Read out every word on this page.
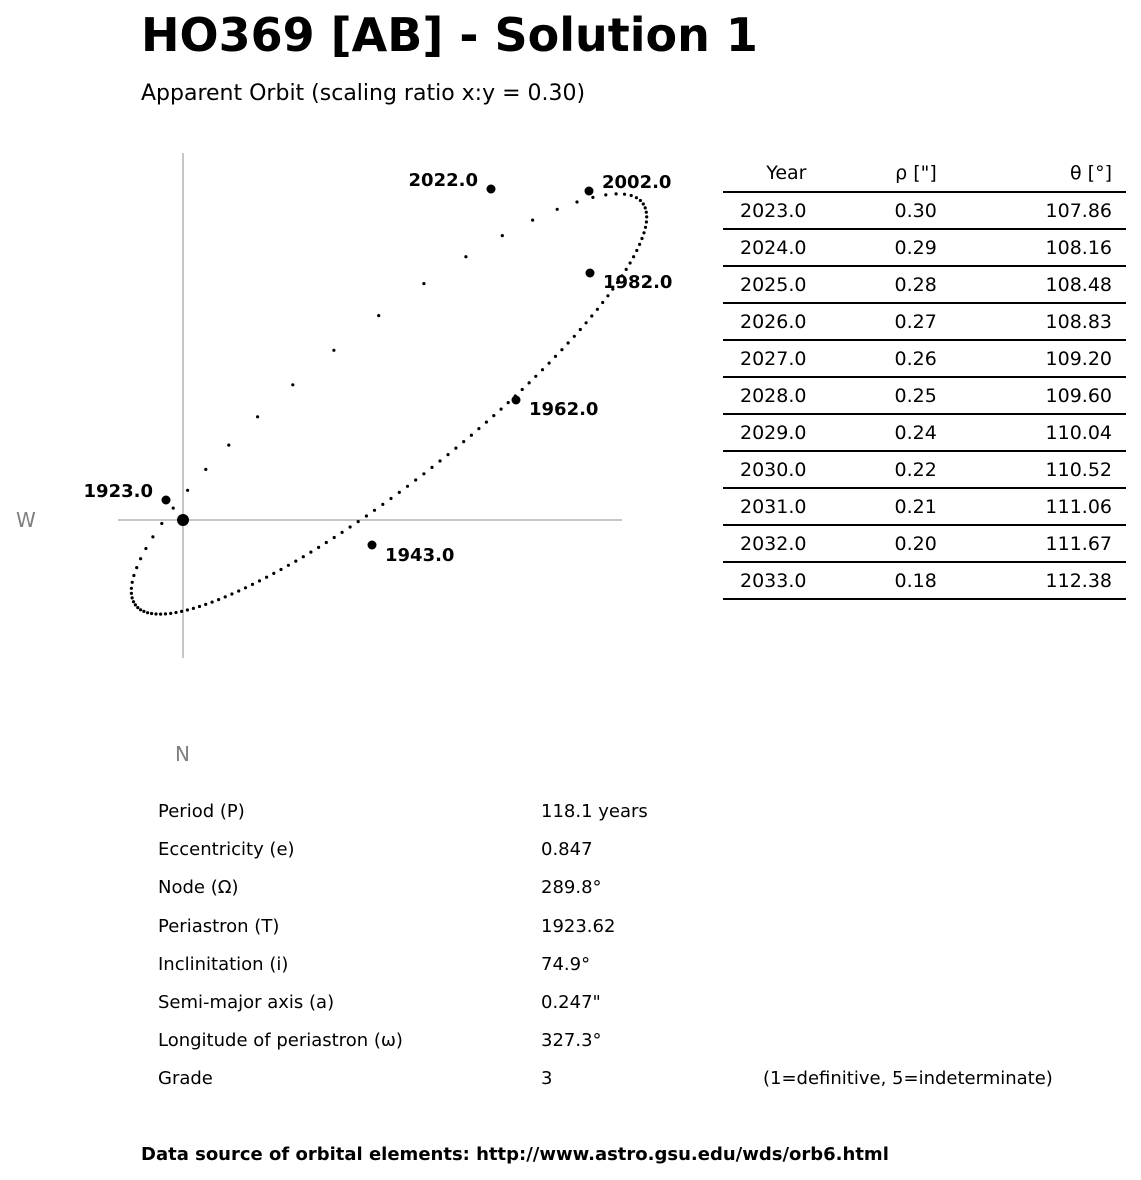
HO369 [AB] - Solution 1
Apparent Orbit (scaling ratio x:y = 0.30)
1923.0
1943.0
1962.0
1982.0
2002.0
2022.0
W
N
Year	ρ ["]	θ [°]
2023.0	0.30	107.86
2024.0	0.29	108.16
2025.0	0.28	108.48
2026.0	0.27	108.83
2027.0	0.26	109.20
2028.0	0.25	109.60
2029.0	0.24	110.04
2030.0	0.22	110.52
2031.0	0.21	111.06
2032.0	0.20	111.67
2033.0	0.18	112.38
Period (P)	118.1 years
Eccentricity (e)	0.847
Node (Ω)	289.8°
Periastron (T)	1923.62
Inclinitation (i)	74.9°
Semi-major axis (a)	0.247"
Longitude of periastron (ω)	327.3°
Grade	3	(1=definitive, 5=indeterminate)
Data source of orbital elements: http://www.astro.gsu.edu/wds/orb6.html
